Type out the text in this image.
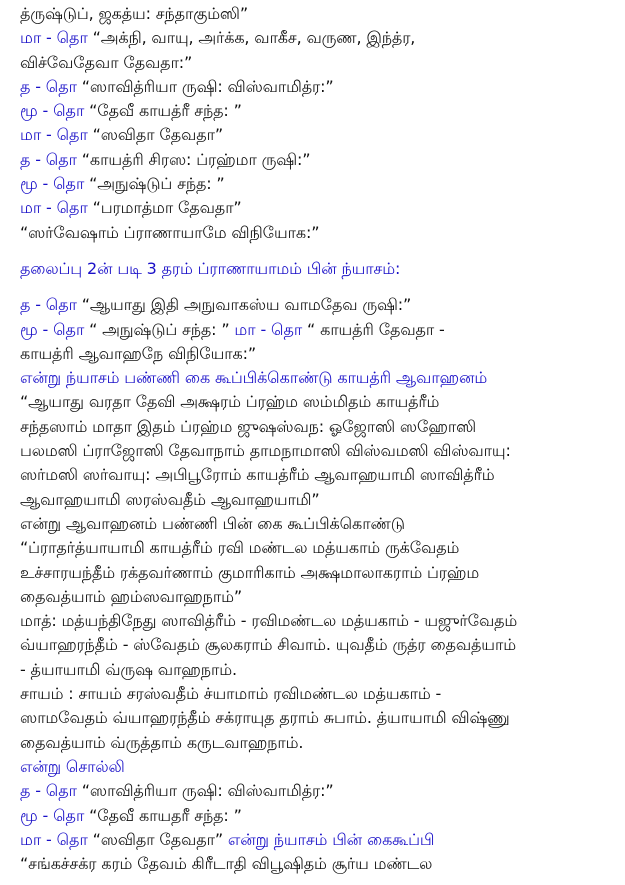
த்ருஷ்டுப், ஜகத்ய: சந்தாகும்ஸி”
மா - தொ “அக்நி, வாயு, அர்க்க, வாகீச, வருண, இந்த்ர,
விச்வேதேவா தேவதா:”
த - தொ “ஸாவித்ரியா ருஷி: விஸ்வாமித்ர:”
மூ - தொ “தேவீ காயத்ரீ சந்த: ”
மா - தொ “ஸவிதா தேவதா”
த - தொ “காயத்ரி சிரஸ: ப்ரஹ்மா ருஷி:”
மூ - தொ “அநுஷ்டுப் சந்த: ”
மா - தொ “பரமாத்மா தேவதா”
“ஸர்வேஷாம் ப்ராணாயாமே விநியோக:”
தலைப்பு 2ன் படி 3 தரம் ப்ராணாயாமம் பின் ந்யாசம்:
த - தொ “ஆயாது இதி அநுவாகஸ்ய வாமதேவ ருஷி:”
மூ - தொ “ அநுஷ்டுப் சந்த: ” மா - தொ “ காயத்ரி தேவதா -
காயத்ரி ஆவாஹநே விநியோக:”
என்று ந்யாசம் பண்ணி கை கூப்பிக்கொண்டு காயத்ரி ஆவாஹனம்
“ஆயாது வரதா தேவி அக்ஷரம் ப்ரஹ்ம ஸம்மிதம் காயத்ரீம்
சந்தஸாம் மாதா இதம் ப்ரஹ்ம ஜுஷஸ்வந: ஓஜோஸி ஸஹோஸி
பலமஸி ப்ராஜோஸி தேவாநாம் தாமநாமாஸி விஸ்வமஸி விஸ்வாயு:
ஸர்மஸி ஸர்வாயு: அபிபூரோம் காயத்ரீம் ஆவாஹயாமி ஸாவித்ரீம்
ஆவாஹயாமி ஸரஸ்வதீம் ஆவாஹயாமி”
என்று ஆவாஹனம் பண்ணி பின் கை கூப்பிக்கொண்டு
“ப்ராதர்த்யாயாமி காயத்ரீம் ரவி மண்டல மத்யகாம் ருக்வேதம்
உச்சாரயந்தீம் ரக்தவர்ணாம் குமாரிகாம் அக்ஷமாலாகராம் ப்ரஹ்ம
தைவத்யாம் ஹம்ஸவாஹநாம்”
மாத்: மத்யந்திநேது ஸாவித்ரீம் - ரவிமண்டல மத்யகாம் - யஜுர்வேதம்
வ்யாஹரந்தீம் - ஸ்வேதம் சூலகராம் சிவாம். யுவதீம் ருத்ர தைவத்யாம்
- த்யாயாமி வ்ருஷ வாஹநாம்.
சாயம் : சாயம் சரஸ்வதீம் ச்யாமாம் ரவிமண்டல மத்யகாம் -
ஸாமவேதம் வ்யாஹரந்தீம் சக்ராயுத தராம் சுபாம். த்யாயாமி விஷ்ணு
தைவத்யாம் வ்ருத்தாம் கருடவாஹநாம்.
என்று சொல்லி
த - தொ “ஸாவித்ரியா ருஷி: விஸ்வாமித்ர:”
மூ - தொ “தேவீ காயதரீ சந்த: ”
மா - தொ “ஸவிதா தேவதா” என்று ந்யாசம் பின் கைகூப்பி
“சங்கச்சக்ர கரம் தேவம் கிரீடாதி விபூஷிதம் சூர்ய மண்டல
